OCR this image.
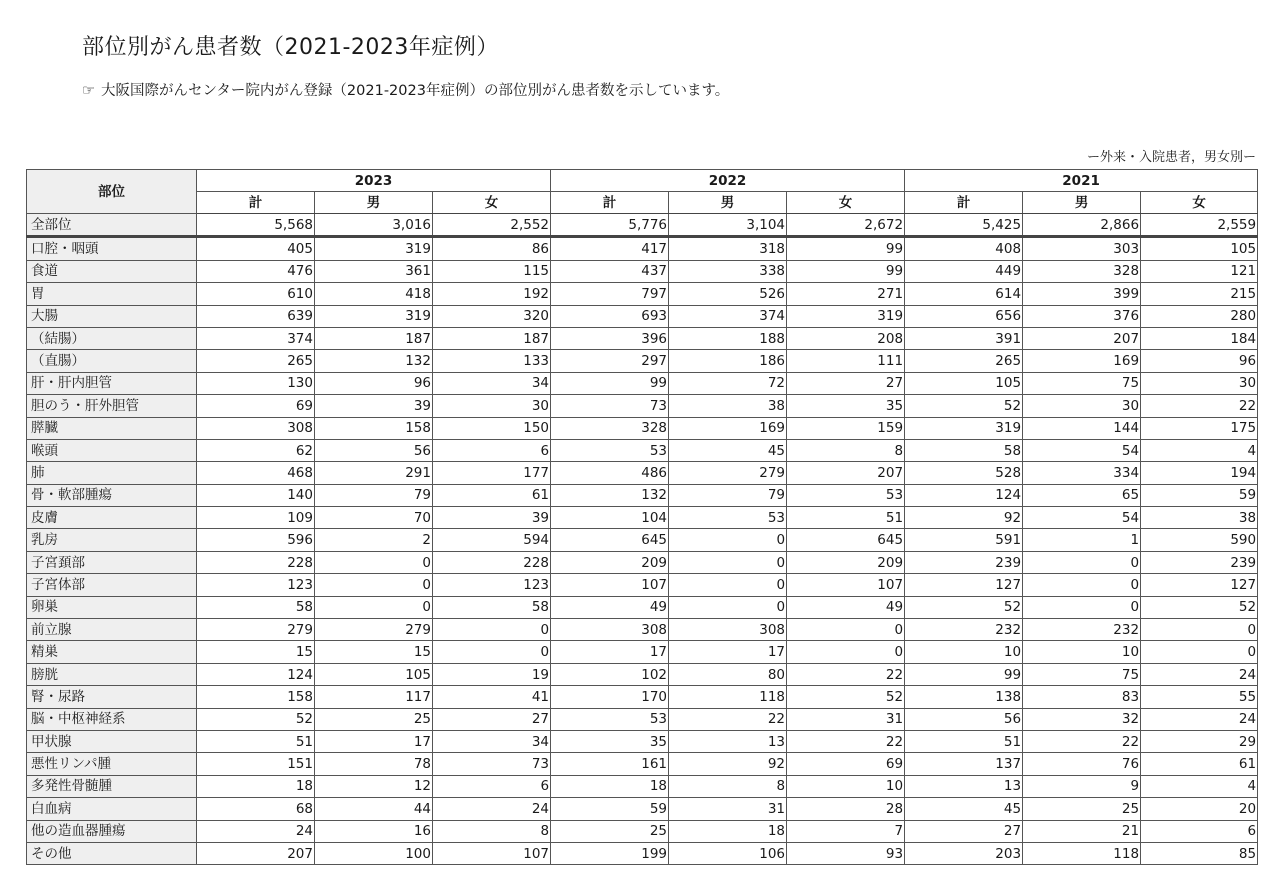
部位別がん患者数（2021-2023年症例）

☞ 大阪国際がんセンター院内がん登録（2021-2023年症例）の部位別がん患者数を示しています。

ー外来・入院患者，男女別ー
部位	2023			2022			2021		
	計	男	女	計	男	女	計	男	女
全部位	5,568	3,016	2,552	5,776	3,104	2,672	5,425	2,866	2,559
口腔・咽頭	405	319	86	417	318	99	408	303	105
食道	476	361	115	437	338	99	449	328	121
胃	610	418	192	797	526	271	614	399	215
大腸	639	319	320	693	374	319	656	376	280
（結腸）	374	187	187	396	188	208	391	207	184
（直腸）	265	132	133	297	186	111	265	169	96
肝・肝内胆管	130	96	34	99	72	27	105	75	30
胆のう・肝外胆管	69	39	30	73	38	35	52	30	22
膵臓	308	158	150	328	169	159	319	144	175
喉頭	62	56	6	53	45	8	58	54	4
肺	468	291	177	486	279	207	528	334	194
骨・軟部腫瘍	140	79	61	132	79	53	124	65	59
皮膚	109	70	39	104	53	51	92	54	38
乳房	596	2	594	645	0	645	591	1	590
子宮頚部	228	0	228	209	0	209	239	0	239
子宮体部	123	0	123	107	0	107	127	0	127
卵巣	58	0	58	49	0	49	52	0	52
前立腺	279	279	0	308	308	0	232	232	0
精巣	15	15	0	17	17	0	10	10	0
膀胱	124	105	19	102	80	22	99	75	24
腎・尿路	158	117	41	170	118	52	138	83	55
脳・中枢神経系	52	25	27	53	22	31	56	32	24
甲状腺	51	17	34	35	13	22	51	22	29
悪性リンパ腫	151	78	73	161	92	69	137	76	61
多発性骨髄腫	18	12	6	18	8	10	13	9	4
白血病	68	44	24	59	31	28	45	25	20
他の造血器腫瘍	24	16	8	25	18	7	27	21	6
その他	207	100	107	199	106	93	203	118	85
